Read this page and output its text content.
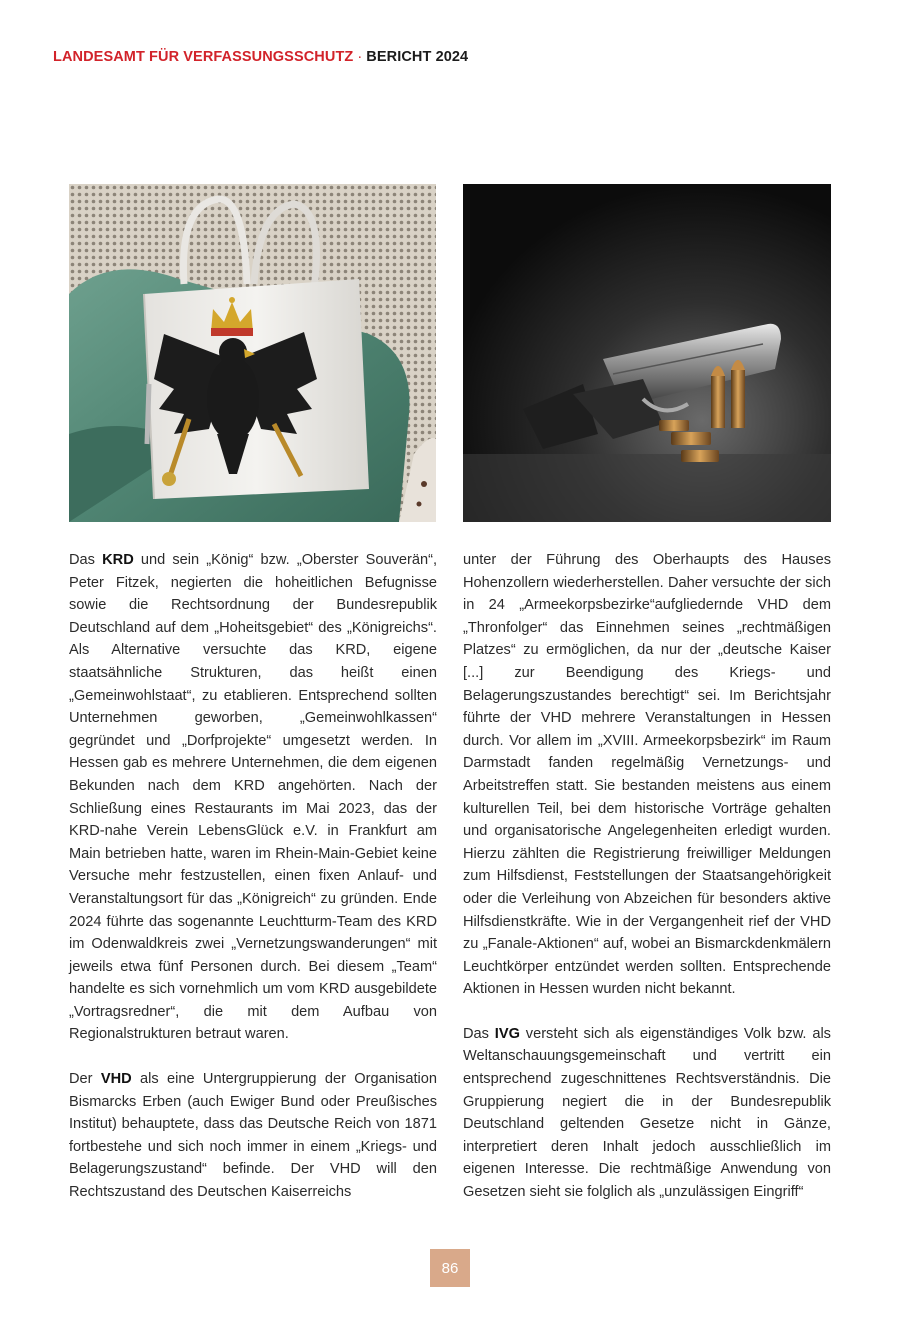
LANDESAMT FÜR VERFASSUNGSSCHUTZ · BERICHT 2024

Das KRD und sein „König“ bzw. „Oberster Souverän“, Peter Fitzek, negierten die hoheitlichen Befugnisse sowie die Rechtsordnung der Bundesrepublik Deutschland auf dem „Hoheitsgebiet“ des „Königreichs“. Als Alternative versuchte das KRD, eigene staatsähnliche Strukturen, das heißt einen „Gemeinwohlstaat“, zu etablieren. Entsprechend sollten Unternehmen geworben, „Gemeinwohlkassen“ gegründet und „Dorfprojekte“ umgesetzt werden. In Hessen gab es mehrere Unternehmen, die dem eigenen Bekunden nach dem KRD angehörten. Nach der Schließung eines Restaurants im Mai 2023, das der KRD-nahe Verein LebensGlück e.V. in Frankfurt am Main betrieben hatte, waren im Rhein-Main-Gebiet keine Versuche mehr festzustellen, einen fixen Anlauf- und Veranstaltungsort für das „Königreich“ zu gründen. Ende 2024 führte das sogenannte Leuchtturm-Team des KRD im Odenwaldkreis zwei „Vernetzungswanderungen“ mit jeweils etwa fünf Personen durch. Bei diesem „Team“ handelte es sich vornehmlich um vom KRD ausgebildete „Vortragsredner“, die mit dem Aufbau von Regionalstrukturen betraut waren.

Der VHD als eine Untergruppierung der Organisation Bismarcks Erben (auch Ewiger Bund oder Preußisches Institut) behauptete, dass das Deutsche Reich von 1871 fortbestehe und sich noch immer in einem „Kriegs- und Belagerungszustand“ befinde. Der VHD will den Rechtszustand des Deutschen Kaiserreichs

unter der Führung des Oberhaupts des Hauses Hohenzollern wiederherstellen. Daher versuchte der sich in 24 „Armeekorpsbezirke“aufgliedernde VHD dem „Thronfolger“ das Einnehmen seines „rechtmäßigen Platzes“ zu ermöglichen, da nur der „deutsche Kaiser [...] zur Beendigung des Kriegs- und Belagerungszustandes berechtigt“ sei. Im Berichtsjahr führte der VHD mehrere Veranstaltungen in Hessen durch. Vor allem im „XVIII. Armeekorpsbezirk“ im Raum Darmstadt fanden regelmäßig Vernetzungs- und Arbeitstreffen statt. Sie bestanden meistens aus einem kulturellen Teil, bei dem historische Vorträge gehalten und organisatorische Angelegenheiten erledigt wurden. Hierzu zählten die Registrierung freiwilliger Meldungen zum Hilfsdienst, Feststellungen der Staatsangehörigkeit oder die Verleihung von Abzeichen für besonders aktive Hilfsdienstkräfte. Wie in der Vergangenheit rief der VHD zu „Fanale-Aktionen“ auf, wobei an Bismarckdenkmälern Leuchtkörper entzündet werden sollten. Entsprechende Aktionen in Hessen wurden nicht bekannt.

Das IVG versteht sich als eigenständiges Volk bzw. als Weltanschauungsgemeinschaft und vertritt ein entsprechend zugeschnittenes Rechtsverständnis. Die Gruppierung negiert die in der Bundesrepublik Deutschland geltenden Gesetze nicht in Gänze, interpretiert deren Inhalt jedoch ausschließlich im eigenen Interesse. Die rechtmäßige Anwendung von Gesetzen sieht sie folglich als „unzulässigen Eingriff“

86
